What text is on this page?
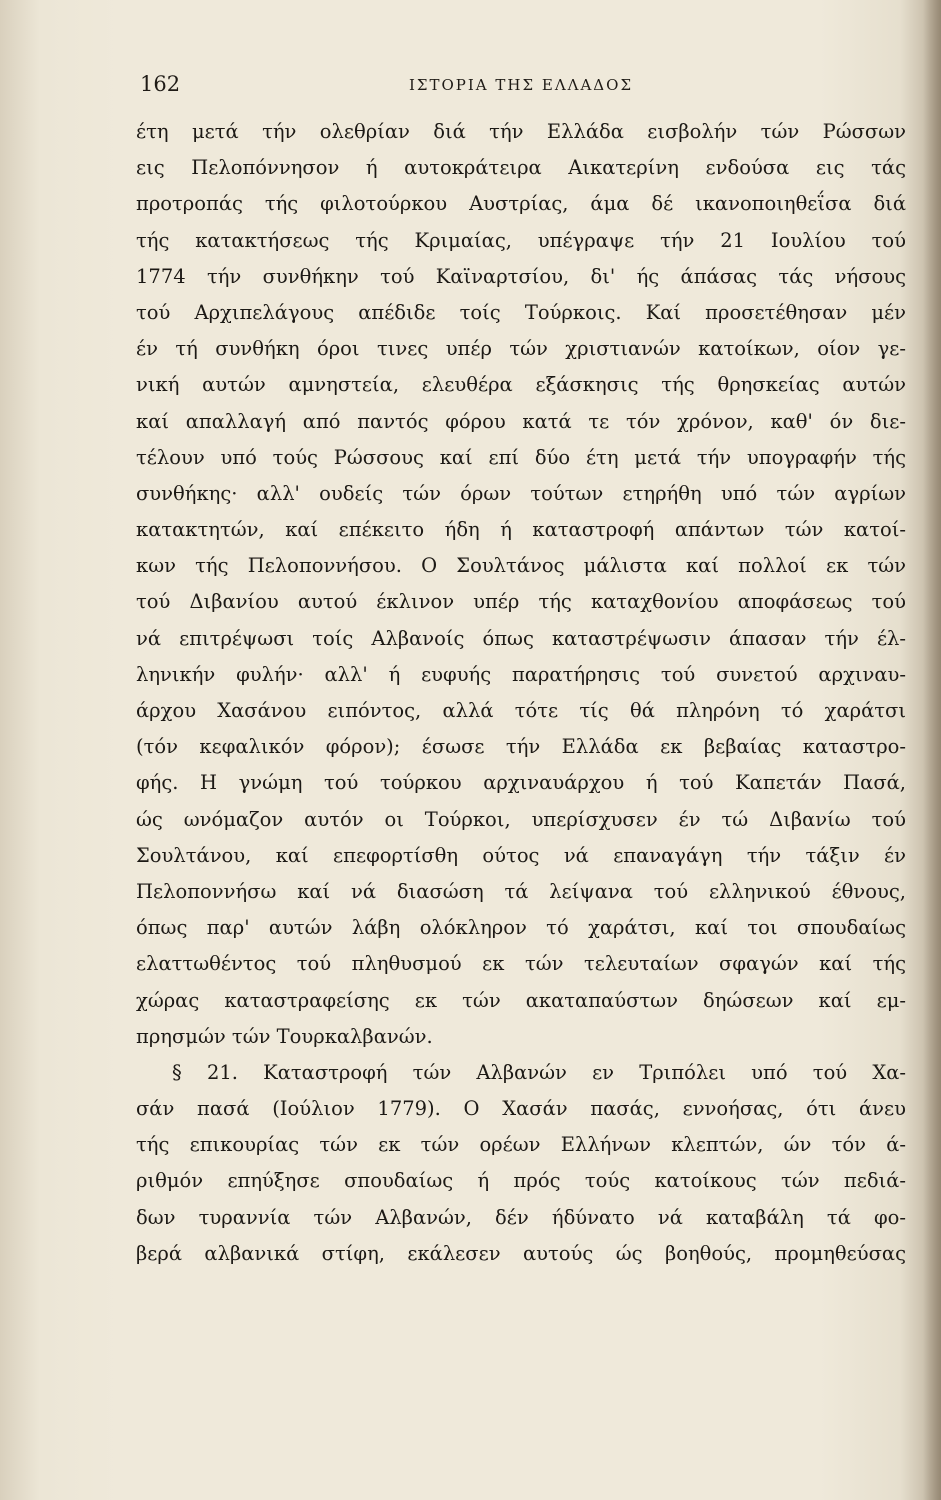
162	ΙΣΤΟΡΙΑ ΤΗΣ ΕΛΛΑΔΟΣ
έτη μετά τήν ολεθρίαν διά τήν Ελλάδα εισβολήν τών Ρώσσων
εις Πελοπόννησον ή αυτοκράτειρα Αικατερίνη ενδούσα εις τάς
προτροπάς τής φιλοτούρκου Αυστρίας, άμα δέ ικανοποιηθεΐσα διά
τής κατακτήσεως τής Κριμαίας, υπέγραψε τήν 21 Ιουλίου τού
1774 τήν συνθήκην τού Καϊναρτσίου, δι' ής άπάσας τάς νήσους
τού Αρχιπελάγους απέδιδε τοίς Τούρκοις. Καί προσετέθησαν μέν
έν τή συνθήκη όροι τινες υπέρ τών χριστιανών κατοίκων, οίον γε-
νική αυτών αμνηστεία, ελευθέρα εξάσκησις τής θρησκείας αυτών
καί απαλλαγή από παντός φόρου κατά τε τόν χρόνον, καθ' όν διε-
τέλουν υπό τούς Ρώσσους καί επί δύο έτη μετά τήν υπογραφήν τής
συνθήκης· αλλ' ουδείς τών όρων τούτων ετηρήθη υπό τών αγρίων
κατακτητών, καί επέκειτο ήδη ή καταστροφή απάντων τών κατοί-
κων τής Πελοποννήσου. Ο Σουλτάνος μάλιστα καί πολλοί εκ τών
τού Διβανίου αυτού έκλινον υπέρ τής καταχθονίου αποφάσεως τού
νά επιτρέψωσι τοίς Αλβανοίς όπως καταστρέψωσιν άπασαν τήν έλ-
ληνικήν φυλήν· αλλ' ή ευφυής παρατήρησις τού συνετού αρχιναυ-
άρχου Χασάνου ειπόντος, αλλά τότε τίς θά πληρόνη τό χαράτσι
(τόν κεφαλικόν φόρον); έσωσε τήν Ελλάδα εκ βεβαίας καταστρο-
φής. Η γνώμη τού τούρκου αρχιναυάρχου ή τού Καπετάν Πασά,
ώς ωνόμαζον αυτόν οι Τούρκοι, υπερίσχυσεν έν τώ Διβανίω τού
Σουλτάνου, καί επεφορτίσθη ούτος νά επαναγάγη τήν τάξιν έν
Πελοποννήσω καί νά διασώση τά λείψανα τού ελληνικού έθνους,
όπως παρ' αυτών λάβη ολόκληρον τό χαράτσι, καί τοι σπουδαίως
ελαττωθέντος τού πληθυσμού εκ τών τελευταίων σφαγών καί τής
χώρας καταστραφείσης εκ τών ακαταπαύστων δηώσεων καί εμ-
πρησμών τών Τουρκαλβανών.
§ 21. Καταστροφή τών Αλβανών εν Τριπόλει υπό τού Χα-
σάν πασά (Ιούλιον 1779). Ο Χασάν πασάς, εννοήσας, ότι άνευ
τής επικουρίας τών εκ τών ορέων Ελλήνων κλεπτών, ών τόν ά-
ριθμόν επηύξησε σπουδαίως ή πρός τούς κατοίκους τών πεδιά-
δων τυραννία τών Αλβανών, δέν ήδύνατο νά καταβάλη τά φο-
βερά αλβανικά στίφη, εκάλεσεν αυτούς ώς βοηθούς, προμηθεύσας
